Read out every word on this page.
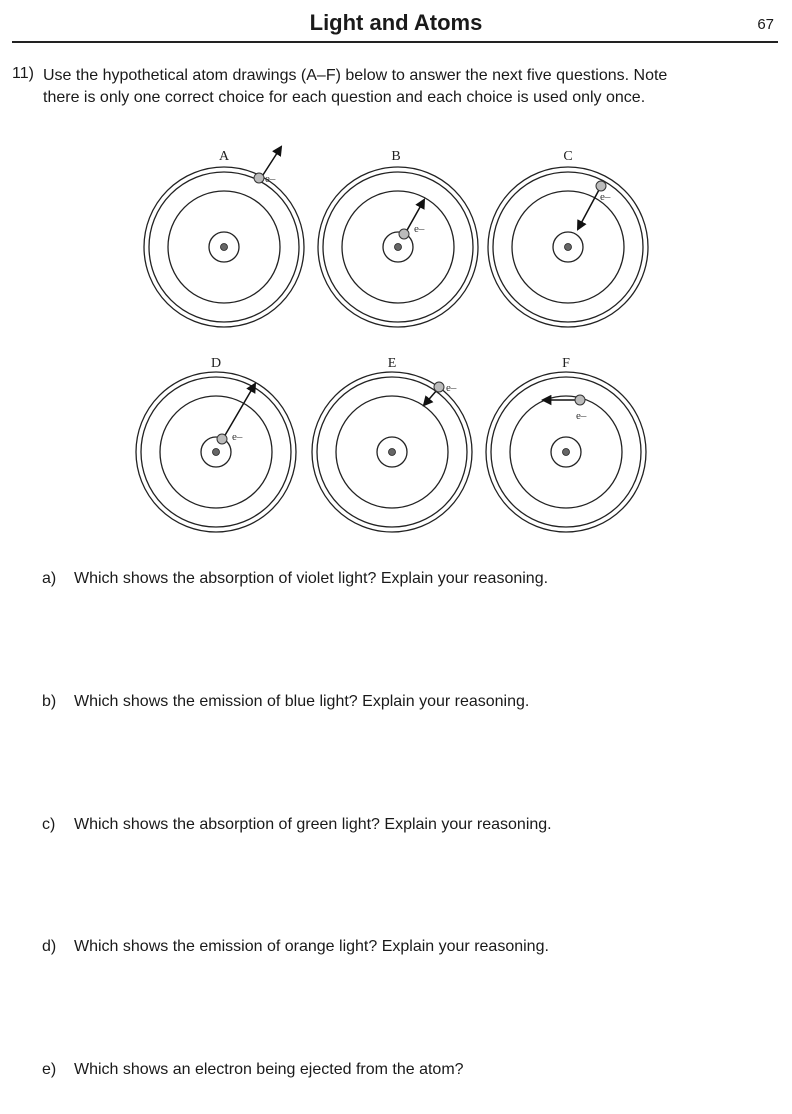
Light and Atoms	67
11) Use the hypothetical atom drawings (A–F) below to answer the next five questions. Note
there is only one correct choice for each question and each choice is used only once.
A
e–
B
e–
C
e–
D
e–
E
e–
F
e–
a) Which shows the absorption of violet light? Explain your reasoning.
b) Which shows the emission of blue light? Explain your reasoning.
c) Which shows the absorption of green light? Explain your reasoning.
d) Which shows the emission of orange light? Explain your reasoning.
e) Which shows an electron being ejected from the atom?
